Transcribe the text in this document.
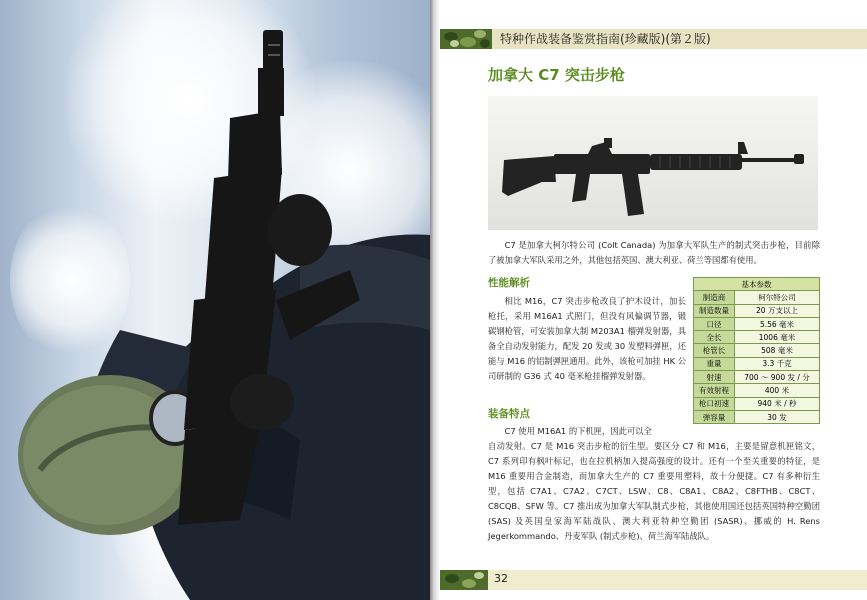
特种作战装备鉴赏指南(珍藏版)(第２版)
加拿大 C7 突击步枪

C7 是加拿大柯尔特公司 (Colt Canada) 为加拿大军队生产的制式突击步枪，目前除了被加拿大军队采用之外，其他包括英国、澳大利亚、荷兰等国都有使用。

性能解析

相比 M16，C7 突击步枪改良了护木设计，加长枪托，采用 M16A1 式照门，但没有风偏调节器，锻碳钢枪管，可安装加拿大制 M203A1 榴弹发射器，具备全自动发射能力，配发 20 发或 30 发塑料弹匣，还能与 M16 的铝制弹匣通用。此外，该枪可加挂 HK 公司研制的 G36 式 40 毫米枪挂榴弹发射器。

基本参数	
制造商	柯尔特公司
制造数量	20 万支以上
口径	5.56 毫米
全长	1006 毫米
枪管长	508 毫米
重量	3.3 千克
射速	700 ～ 900 发 / 分
有效射程	400 米
枪口初速	940 米 / 秒
弹容量	30 发
装备特点

C7 使用 M16A1 的下机匣，因此可以全

自动发射。C7 是 M16 突击步枪的衍生型。要区分 C7 和 M16，主要是留意机匣铭文，C7 系列印有枫叶标记，也在拉机柄加入提高强度的设计。还有一个至关重要的特征，是 M16 重要用合金制造，而加拿大生产的 C7 重要用塑料，故十分便捷。C7 有多种衍生型，包括 C7A1、C7A2、C7CT、LSW、C8、C8A1、C8A2、C8FTHB、C8CT、C8CQB、SFW 等。C7 推出成为加拿大军队制式步枪，其他使用国还包括英国特种空勤团 (SAS) 及英国皇家海军陆战队、澳大利亚特种空勤团 (SASR)、挪威的 H. Rens Jegerkommando、丹麦军队 (制式步枪)、荷兰海军陆战队。

32
